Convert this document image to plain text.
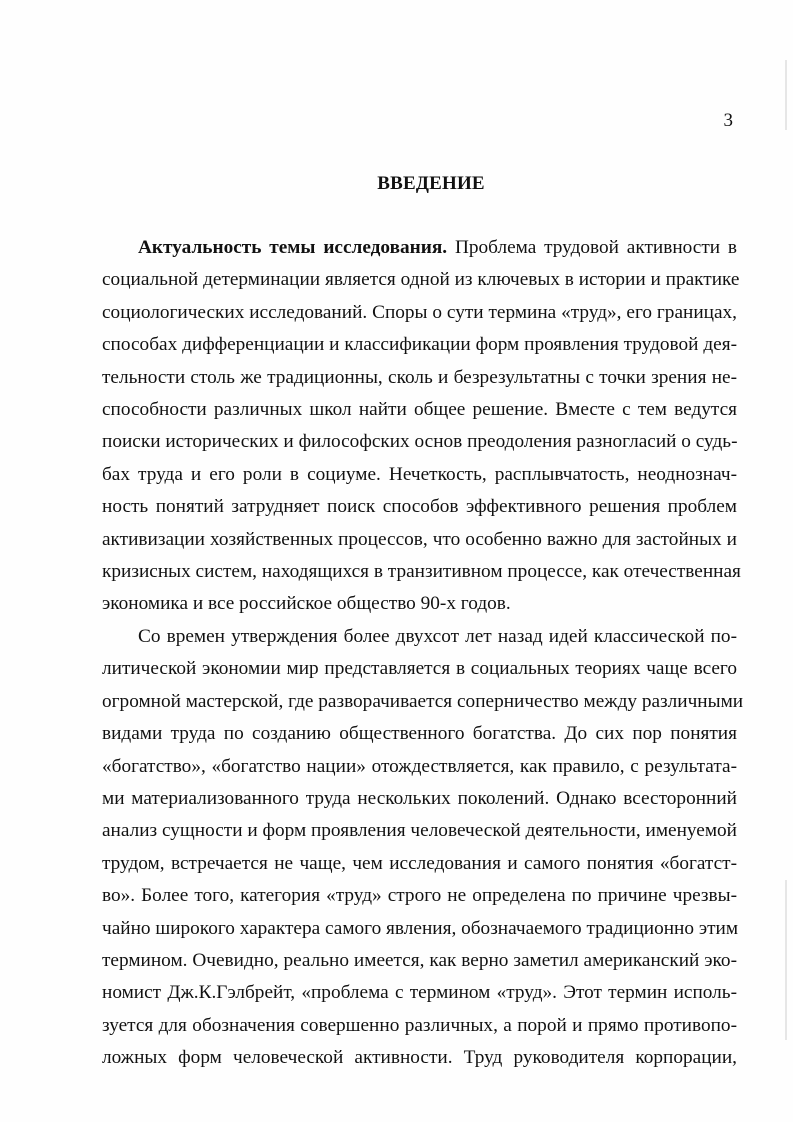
3
ВВЕДЕНИЕ
Актуальность темы исследования. Проблема трудовой активности в
социальной детерминации является одной из ключевых в истории и практике
социологических исследований. Споры о сути термина «труд», его границах,
способах дифференциации и классификации форм проявления трудовой дея-
тельности столь же традиционны, сколь и безрезультатны с точки зрения не-
способности различных школ найти общее решение. Вместе с тем ведутся
поиски исторических и философских основ преодоления разногласий о судь-
бах труда и его роли в социуме. Нечеткость, расплывчатость, неоднознач-
ность понятий затрудняет поиск способов эффективного решения проблем
активизации хозяйственных процессов, что особенно важно для застойных и
кризисных систем, находящихся в транзитивном процессе, как отечественная
экономика и все российское общество 90-х годов.
Со времен утверждения более двухсот лет назад идей классической по-
литической экономии мир представляется в социальных теориях чаще всего
огромной мастерской, где разворачивается соперничество между различными
видами труда по созданию общественного богатства. До сих пор понятия
«богатство», «богатство нации» отождествляется, как правило, с результата-
ми материализованного труда нескольких поколений. Однако всесторонний
анализ сущности и форм проявления человеческой деятельности, именуемой
трудом, встречается не чаще, чем исследования и самого понятия «богатст-
во». Более того, категория «труд» строго не определена по причине чрезвы-
чайно широкого характера самого явления, обозначаемого традиционно этим
термином. Очевидно, реально имеется, как верно заметил американский эко-
номист Дж.К.Гэлбрейт, «проблема с термином «труд». Этот термин исполь-
зуется для обозначения совершенно различных, а порой и прямо противопо-
ложных форм человеческой активности. Труд руководителя корпорации,
